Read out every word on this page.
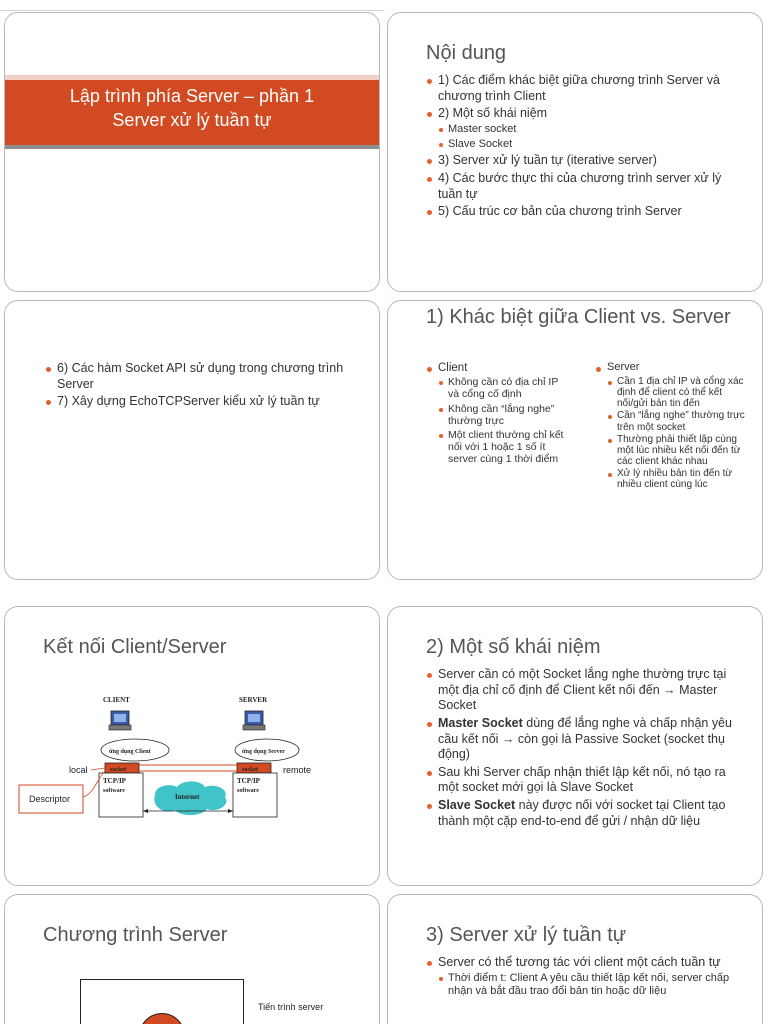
Lập trình phía Server – phần 1
Server xử lý tuần tự
Nội dung
1) Các điểm khác biệt giữa chương trình Server và chương trình Client
2) Một số khái niệm
Master socket
Slave Socket
3) Server xử lý tuần tự (iterative server)
4) Các bước thực thi của chương trình server xử lý tuần tự
5) Cấu trúc cơ bản của chương trình Server
6) Các hàm Socket API sử dụng trong chương trình Server
7) Xây dựng EchoTCPServer kiểu xử lý tuần tự
1) Khác biệt giữa Client vs. Server
Client
Không cần có địa chỉ IP và cổng cố định
Không cần “lắng nghe” thường trực
Một client thường chỉ kết nối với 1 hoặc 1 số ít server cùng 1 thời điểm
Server
Cần 1 địa chỉ IP và cổng xác định để client có thể kết nối/gửi bản tin đến
Cần “lắng nghe” thường trực trên một socket
Thường phải thiết lập cùng một lúc nhiều kết nối đến từ các client khác nhau
Xử lý nhiều bản tin đến từ nhiều client cùng lúc
Kết nối Client/Server
CLIENT	SERVER
ứng dụng Client	ứng dụng Server
socket
TCP/IP
software
socket
TCP/IP
software
Internet
local	remote
Descriptor
2) Một số khái niệm
Server cần có một Socket lắng nghe thường trực tại một địa chỉ cố định để Client kết nối đến → Master Socket
Master Socket dùng để lắng nghe và chấp nhận yêu cầu kết nối → còn gọi là Passive Socket (socket thụ động)
Sau khi Server chấp nhận thiết lập kết nối, nó tạo ra một socket mới gọi là Slave Socket
Slave Socket này được nối với socket tại Client tạo thành một cặp end-to-end để gửi / nhận dữ liệu
Chương trình Server
Tiến trình server
3) Server xử lý tuần tự
Server có thể tương tác với client một cách tuần tự
Thời điểm t: Client A yêu cầu thiết lập kết nối, server chấp nhận và bắt đầu trao đổi bản tin hoặc dữ liệu
